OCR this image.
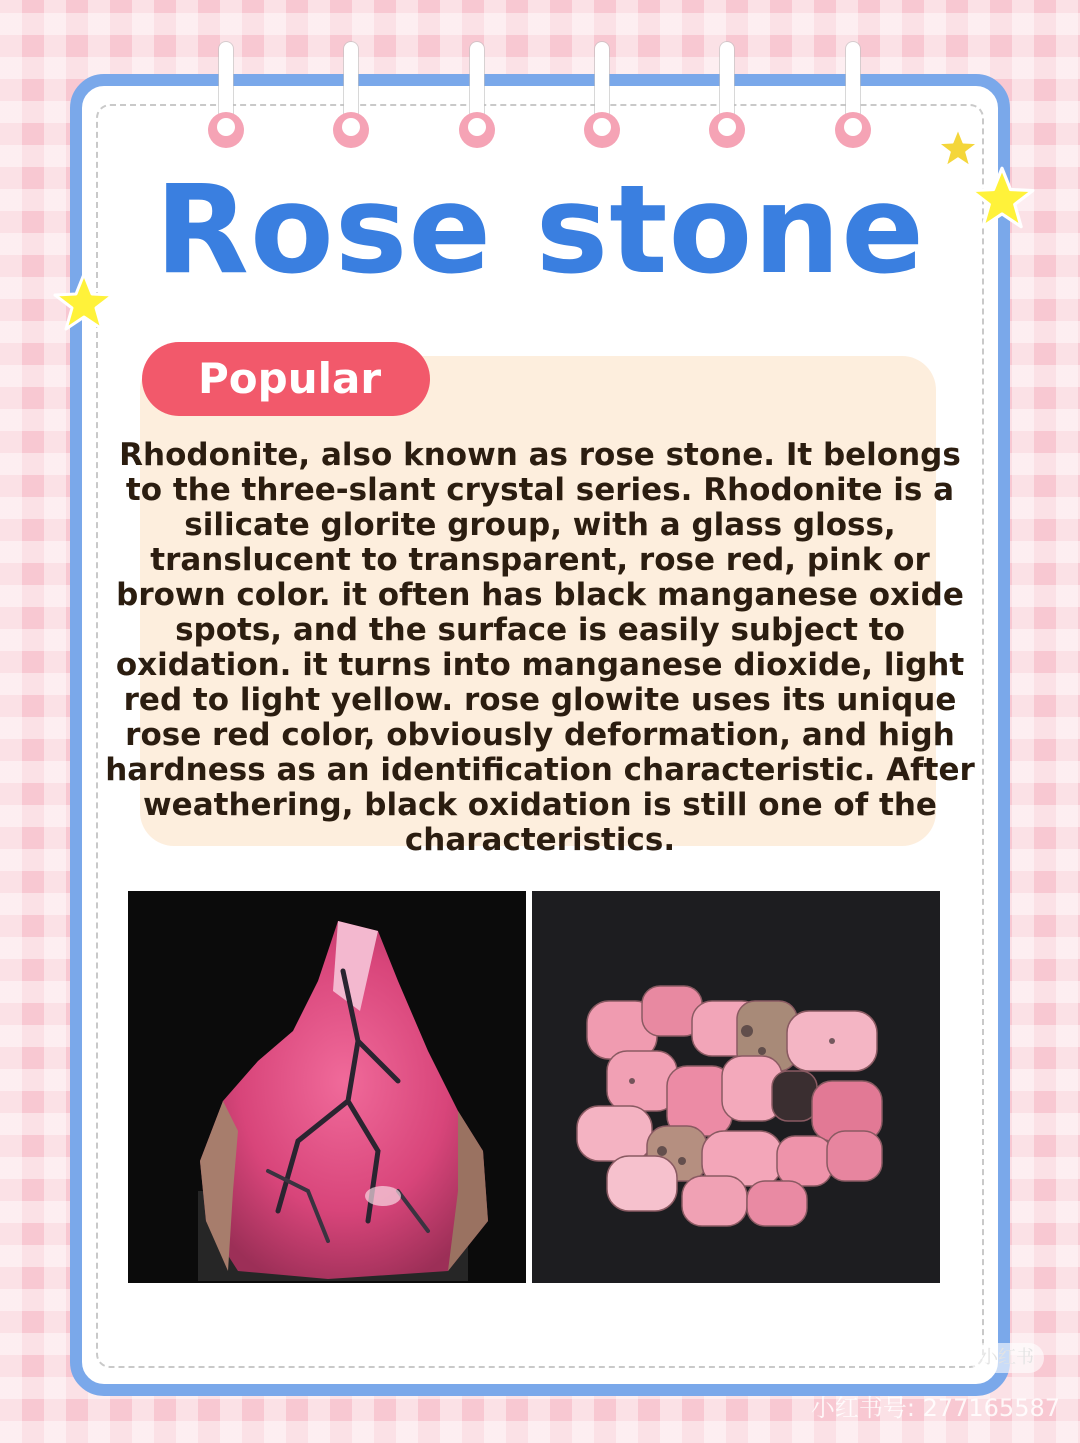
Rose stone
Popular

Rhodonite, also known as rose stone. It belongs to the three-slant crystal series. Rhodonite is a silicate glorite group, with a glass gloss, translucent to transparent, rose red, pink or brown color. it often has black manganese oxide spots, and the surface is easily subject to oxidation. it turns into manganese dioxide, light red to light yellow. rose glowite uses its unique rose red color, obviously deformation, and high hardness as an identification characteristic. After weathering, black oxidation is still one of the characteristics.

小红书
小红书号: 277165587
